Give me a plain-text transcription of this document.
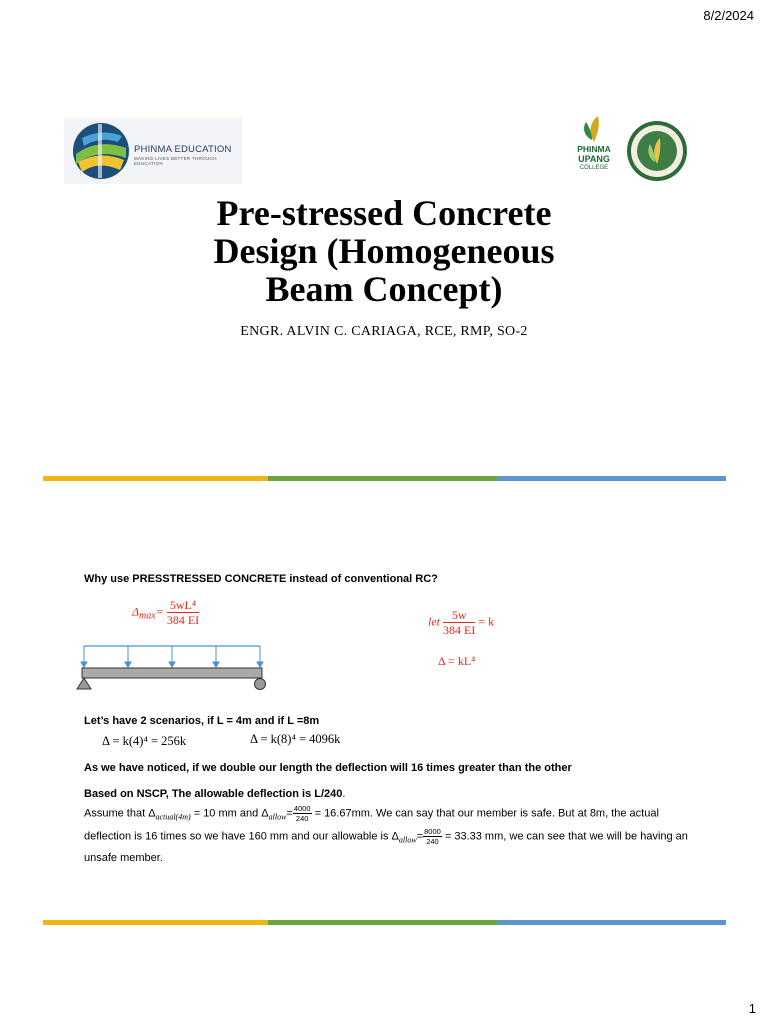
8/2/2024
PHINMA EDUCATION
MAKING LIVES BETTER THROUGH EDUCATION
PHINMA
UPANG
COLLEGE
Pre-stressed Concrete
Design (Homogeneous
Beam Concept)
ENGR. ALVIN C. CARIAGA, RCE, RMP, SO-2
Why use PRESSTRESSED CONCRETE instead of conventional RC?
$\Delta_{max}= \frac{\text{5wL⁴}}{384 EI}$	let $\frac{5w}{384 EI} = k$
Δ = kL⁴
Let’s have 2 scenarios, if L = 4m and if L =8m
Δ = k(4)⁴ = 256k	Δ = k(8)⁴ = 4096k
As we have noticed, if we double our length the deflection will 16 times greater than the other
Based on NSCP, The allowable deflection is L/240.
Assume that $\Delta_{actual(4m)} = 10$ mm and $\Delta_{allow}= \frac{4000}{240} = 16.67mm$. We can say that our member is safe. But at 8m, the actual deflection is 16 times so we have 160 mm and our allowable is $\Delta_{allow}= \frac{8000}{240} = 33.33$ mm, we can see that we will be having an unsafe member.
1
